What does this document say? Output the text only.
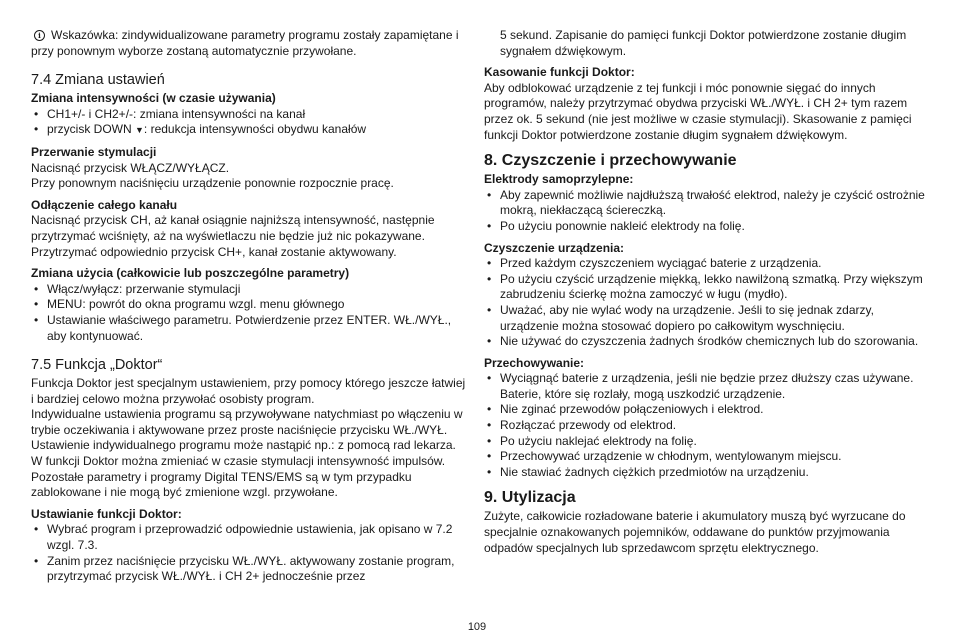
i Wskazówka: zindywidualizowane parametry programu zostały zapamiętane i przy ponownym wyborze zostaną automatycznie przywołane.

7.4 Zmiana ustawień

Zmiana intensywności (w czasie używania)

• CH1+/- i CH2+/-: zmiana intensywności na kanał
• przycisk DOWN ▼: redukcja intensywności obydwu kanałów

Przerwanie stymulacji

Nacisnąć przycisk WŁĄCZ/WYŁĄCZ.

Przy ponownym naciśnięciu urządzenie ponownie rozpocznie pracę.

Odłączenie całego kanału

Nacisnąć przycisk CH, aż kanał osiągnie najniższą intensywność, następnie przytrzymać wciśnięty, aż na wyświetlaczu nie będzie już nic pokazywane. Przytrzymać odpowiednio przycisk CH+, kanał zostanie aktywowany.

Zmiana użycia (całkowicie lub poszczególne parametry)

• Włącz/wyłącz: przerwanie stymulacji
• MENU: powrót do okna programu wzgl. menu głównego
• Ustawianie właściwego parametru. Potwierdzenie przez ENTER. WŁ./WYŁ., aby kontynuować.
7.5 Funkcja „Doktor“

Funkcja Doktor jest specjalnym ustawieniem, przy pomocy którego jeszcze łatwiej i bardziej celowo można przywołać osobisty program.

Indywidualne ustawienia programu są przywoływane natychmiast po włączeniu w trybie oczekiwania i aktywowane przez proste naciśnięcie przycisku WŁ./WYŁ.

Ustawienie indywidualnego programu może nastąpić np.: z pomocą rad lekarza.

W funkcji Doktor można zmieniać w czasie stymulacji intensywność impulsów. Pozostałe parametry i programy Digital TENS/EMS są w tym przypadku zablokowane i nie mogą być zmienione wzgl. przywołane.

Ustawianie funkcji Doktor:

• Wybrać program i przeprowadzić odpowiednie ustawienia, jak opisano w 7.2 wzgl. 7.3.
• Zanim przez naciśnięcie przycisku WŁ./WYŁ. aktywowany zostanie program, przytrzymać przycisk WŁ./WYŁ. i CH 2+ jednocześnie przez

5 sekund. Zapisanie do pamięci funkcji Doktor potwierdzone zostanie długim sygnałem dźwiękowym.

Kasowanie funkcji Doktor:

Aby odblokować urządzenie z tej funkcji i móc ponownie sięgać do innych programów, należy przytrzymać obydwa przyciski WŁ./WYŁ. i CH 2+ tym razem przez ok. 5 sekund (nie jest możliwe w czasie stymulacji). Skasowanie z pamięci funkcji Doktor potwierdzone zostanie długim sygnałem dźwiękowym.

8. Czyszczenie i przechowywanie

Elektrody samoprzylepne:

• Aby zapewnić możliwie najdłuższą trwałość elektrod, należy je czyścić ostrożnie mokrą, niekłaczącą ściereczką.
• Po użyciu ponownie nakleić elektrody na folię.

Czyszczenie urządzenia:

• Przed każdym czyszczeniem wyciągać baterie z urządzenia.
• Po użyciu czyścić urządzenie miękką, lekko nawilżoną szmatką. Przy większym zabrudzeniu ścierkę można zamoczyć w ługu (mydło).
• Uważać, aby nie wylać wody na urządzenie. Jeśli to się jednak zdarzy, urządzenie można stosować dopiero po całkowitym wyschnięciu.
• Nie używać do czyszczenia żadnych środków chemicznych lub do szorowania.

Przechowywanie:

• Wyciągnąć baterie z urządzenia, jeśli nie będzie przez dłuższy czas używane. Baterie, które się rozlały, mogą uszkodzić urządzenie.
• Nie zginać przewodów połączeniowych i elektrod.
• Rozłączać przewody od elektrod.
• Po użyciu naklejać elektrody na folię.
• Przechowywać urządzenie w chłodnym, wentylowanym miejscu.
• Nie stawiać żadnych ciężkich przedmiotów na urządzeniu.
9. Utylizacja

Zużyte, całkowicie rozładowane baterie i akumulatory muszą być wyrzucane do specjalnie oznakowanych pojemników, oddawane do punktów przyjmowania odpadów specjalnych lub sprzedawcom sprzętu elektrycznego.

109
